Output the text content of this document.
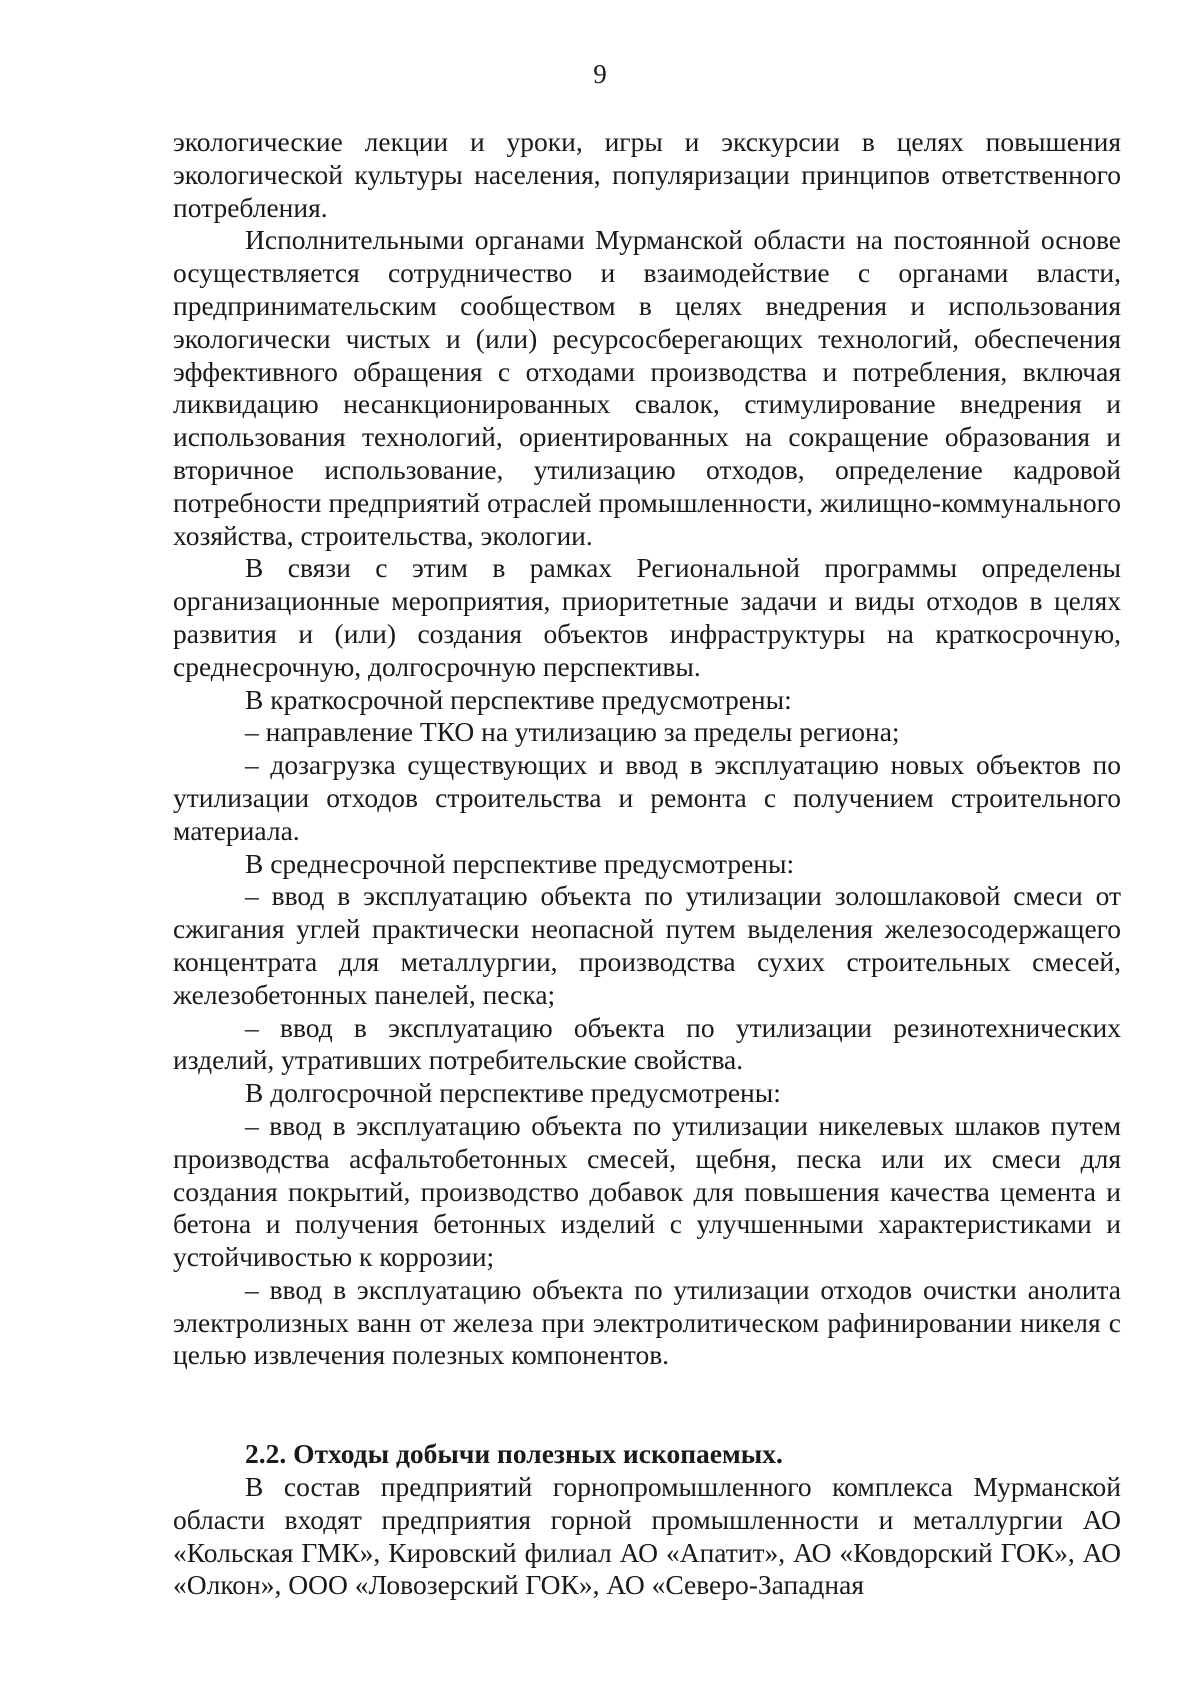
9

экологические лекции и уроки, игры и экскурсии в целях повышения экологической культуры населения, популяризации принципов ответственного потребления.

Исполнительными органами Мурманской области на постоянной основе осуществляется сотрудничество и взаимодействие с органами власти, предпринимательским сообществом в целях внедрения и использования экологически чистых и (или) ресурсосберегающих технологий, обеспечения эффективного обращения с отходами производства и потребления, включая ликвидацию несанкционированных свалок, стимулирование внедрения и использования технологий, ориентированных на сокращение образования и вторичное использование, утилизацию отходов, определение кадровой потребности предприятий отраслей промышленности, жилищно-коммунального хозяйства, строительства, экологии.

В связи с этим в рамках Региональной программы определены организационные мероприятия, приоритетные задачи и виды отходов в целях развития и (или) создания объектов инфраструктуры на краткосрочную, среднесрочную, долгосрочную перспективы.

В краткосрочной перспективе предусмотрены:

– направление ТКО на утилизацию за пределы региона;

– дозагрузка существующих и ввод в эксплуатацию новых объектов по утилизации отходов строительства и ремонта с получением строительного материала.

В среднесрочной перспективе предусмотрены:

– ввод в эксплуатацию объекта по утилизации золошлаковой смеси от сжигания углей практически неопасной путем выделения железосодержащего концентрата для металлургии, производства сухих строительных смесей, железобетонных панелей, песка;

– ввод в эксплуатацию объекта по утилизации резинотехнических изделий, утративших потребительские свойства.

В долгосрочной перспективе предусмотрены:

– ввод в эксплуатацию объекта по утилизации никелевых шлаков путем производства асфальтобетонных смесей, щебня, песка или их смеси для создания покрытий, производство добавок для повышения качества цемента и бетона и получения бетонных изделий с улучшенными характеристиками и устойчивостью к коррозии;

– ввод в эксплуатацию объекта по утилизации отходов очистки анолита электролизных ванн от железа при электролитическом рафинировании никеля с целью извлечения полезных компонентов.

2.2. Отходы добычи полезных ископаемых.

В состав предприятий горнопромышленного комплекса Мурманской области входят предприятия горной промышленности и металлургии АО «Кольская ГМК», Кировский филиал АО «Апатит», АО «Ковдорский ГОК», АО «Олкон», ООО «Ловозерский ГОК», АО «Северо-Западная
